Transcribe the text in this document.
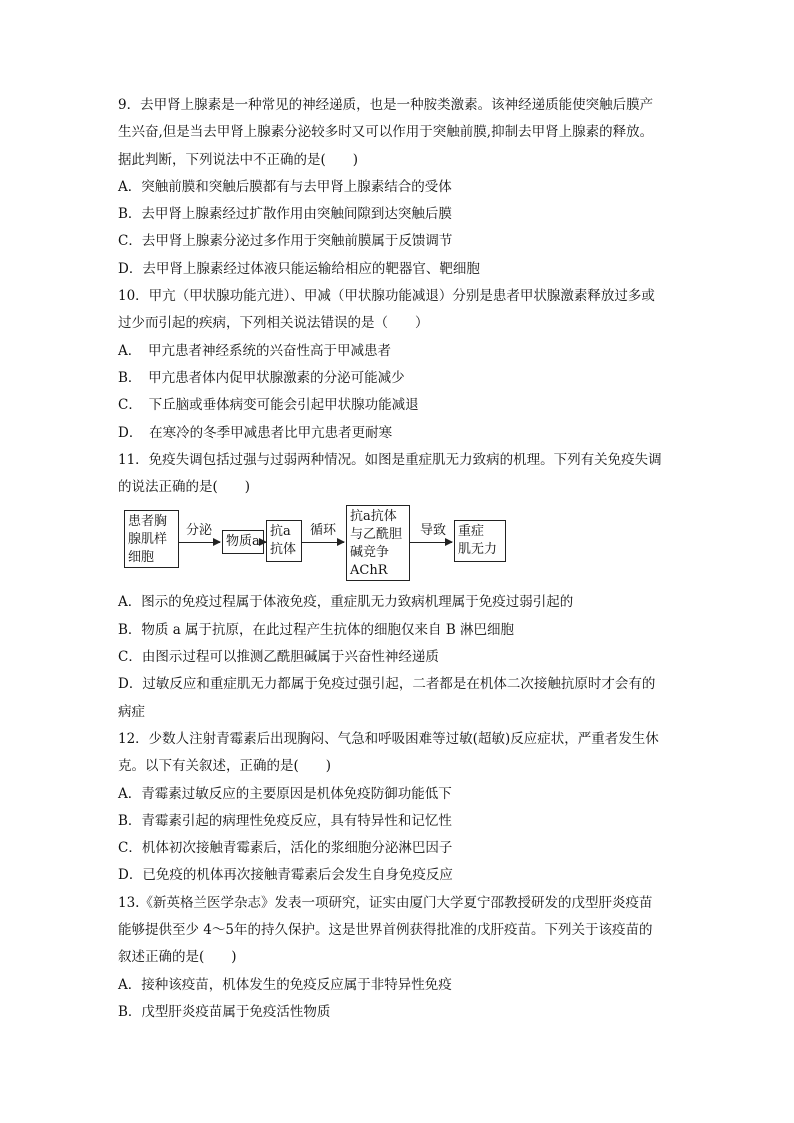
9．去甲肾上腺素是一种常见的神经递质，也是一种胺类激素。该神经递质能使突触后膜产
生兴奋,但是当去甲肾上腺素分泌较多时又可以作用于突触前膜,抑制去甲肾上腺素的释放。
据此判断，下列说法中不正确的是(　　)
A．突触前膜和突触后膜都有与去甲肾上腺素结合的受体
B．去甲肾上腺素经过扩散作用由突触间隙到达突触后膜
C．去甲肾上腺素分泌过多作用于突触前膜属于反馈调节
D．去甲肾上腺素经过体液只能运输给相应的靶器官、靶细胞
10．甲亢（甲状腺功能亢进）、甲减（甲状腺功能减退）分别是患者甲状腺激素释放过多或
过少而引起的疾病，下列相关说法错误的是（　　）
A．　甲亢患者神经系统的兴奋性高于甲减患者
B．　甲亢患者体内促甲状腺激素的分泌可能减少
C．　下丘脑或垂体病变可能会引起甲状腺功能减退
D．　在寒冷的冬季甲减患者比甲亢患者更耐寒
11．免疫失调包括过强与过弱两种情况。如图是重症肌无力致病的机理。下列有关免疫失调
的说法正确的是(　　)
患者胸
腺肌样
细胞
分泌
物质a
抗a
抗体
循环
抗a抗体
与乙酰胆
碱竞争
AChR
导致 重症
肌无力
A．图示的免疫过程属于体液免疫，重症肌无力致病机理属于免疫过弱引起的
B．物质 a 属于抗原，在此过程产生抗体的细胞仅来自 B 淋巴细胞
C．由图示过程可以推测乙酰胆碱属于兴奋性神经递质
D．过敏反应和重症肌无力都属于免疫过强引起，二者都是在机体二次接触抗原时才会有的
病症
12．少数人注射青霉素后出现胸闷、气急和呼吸困难等过敏(超敏)反应症状，严重者发生休
克。以下有关叙述，正确的是(　　)
A．青霉素过敏反应的主要原因是机体免疫防御功能低下
B．青霉素引起的病理性免疫反应，具有特异性和记忆性
C．机体初次接触青霉素后，活化的浆细胞分泌淋巴因子
D．已免疫的机体再次接触青霉素后会发生自身免疫反应
13.《新英格兰医学杂志》发表一项研究，证实由厦门大学夏宁邵教授研发的戊型肝炎疫苗
能够提供至少 4～5年的持久保护。这是世界首例获得批准的戊肝疫苗。下列关于该疫苗的
叙述正确的是(　　)
A．接种该疫苗，机体发生的免疫反应属于非特异性免疫
B．戊型肝炎疫苗属于免疫活性物质
